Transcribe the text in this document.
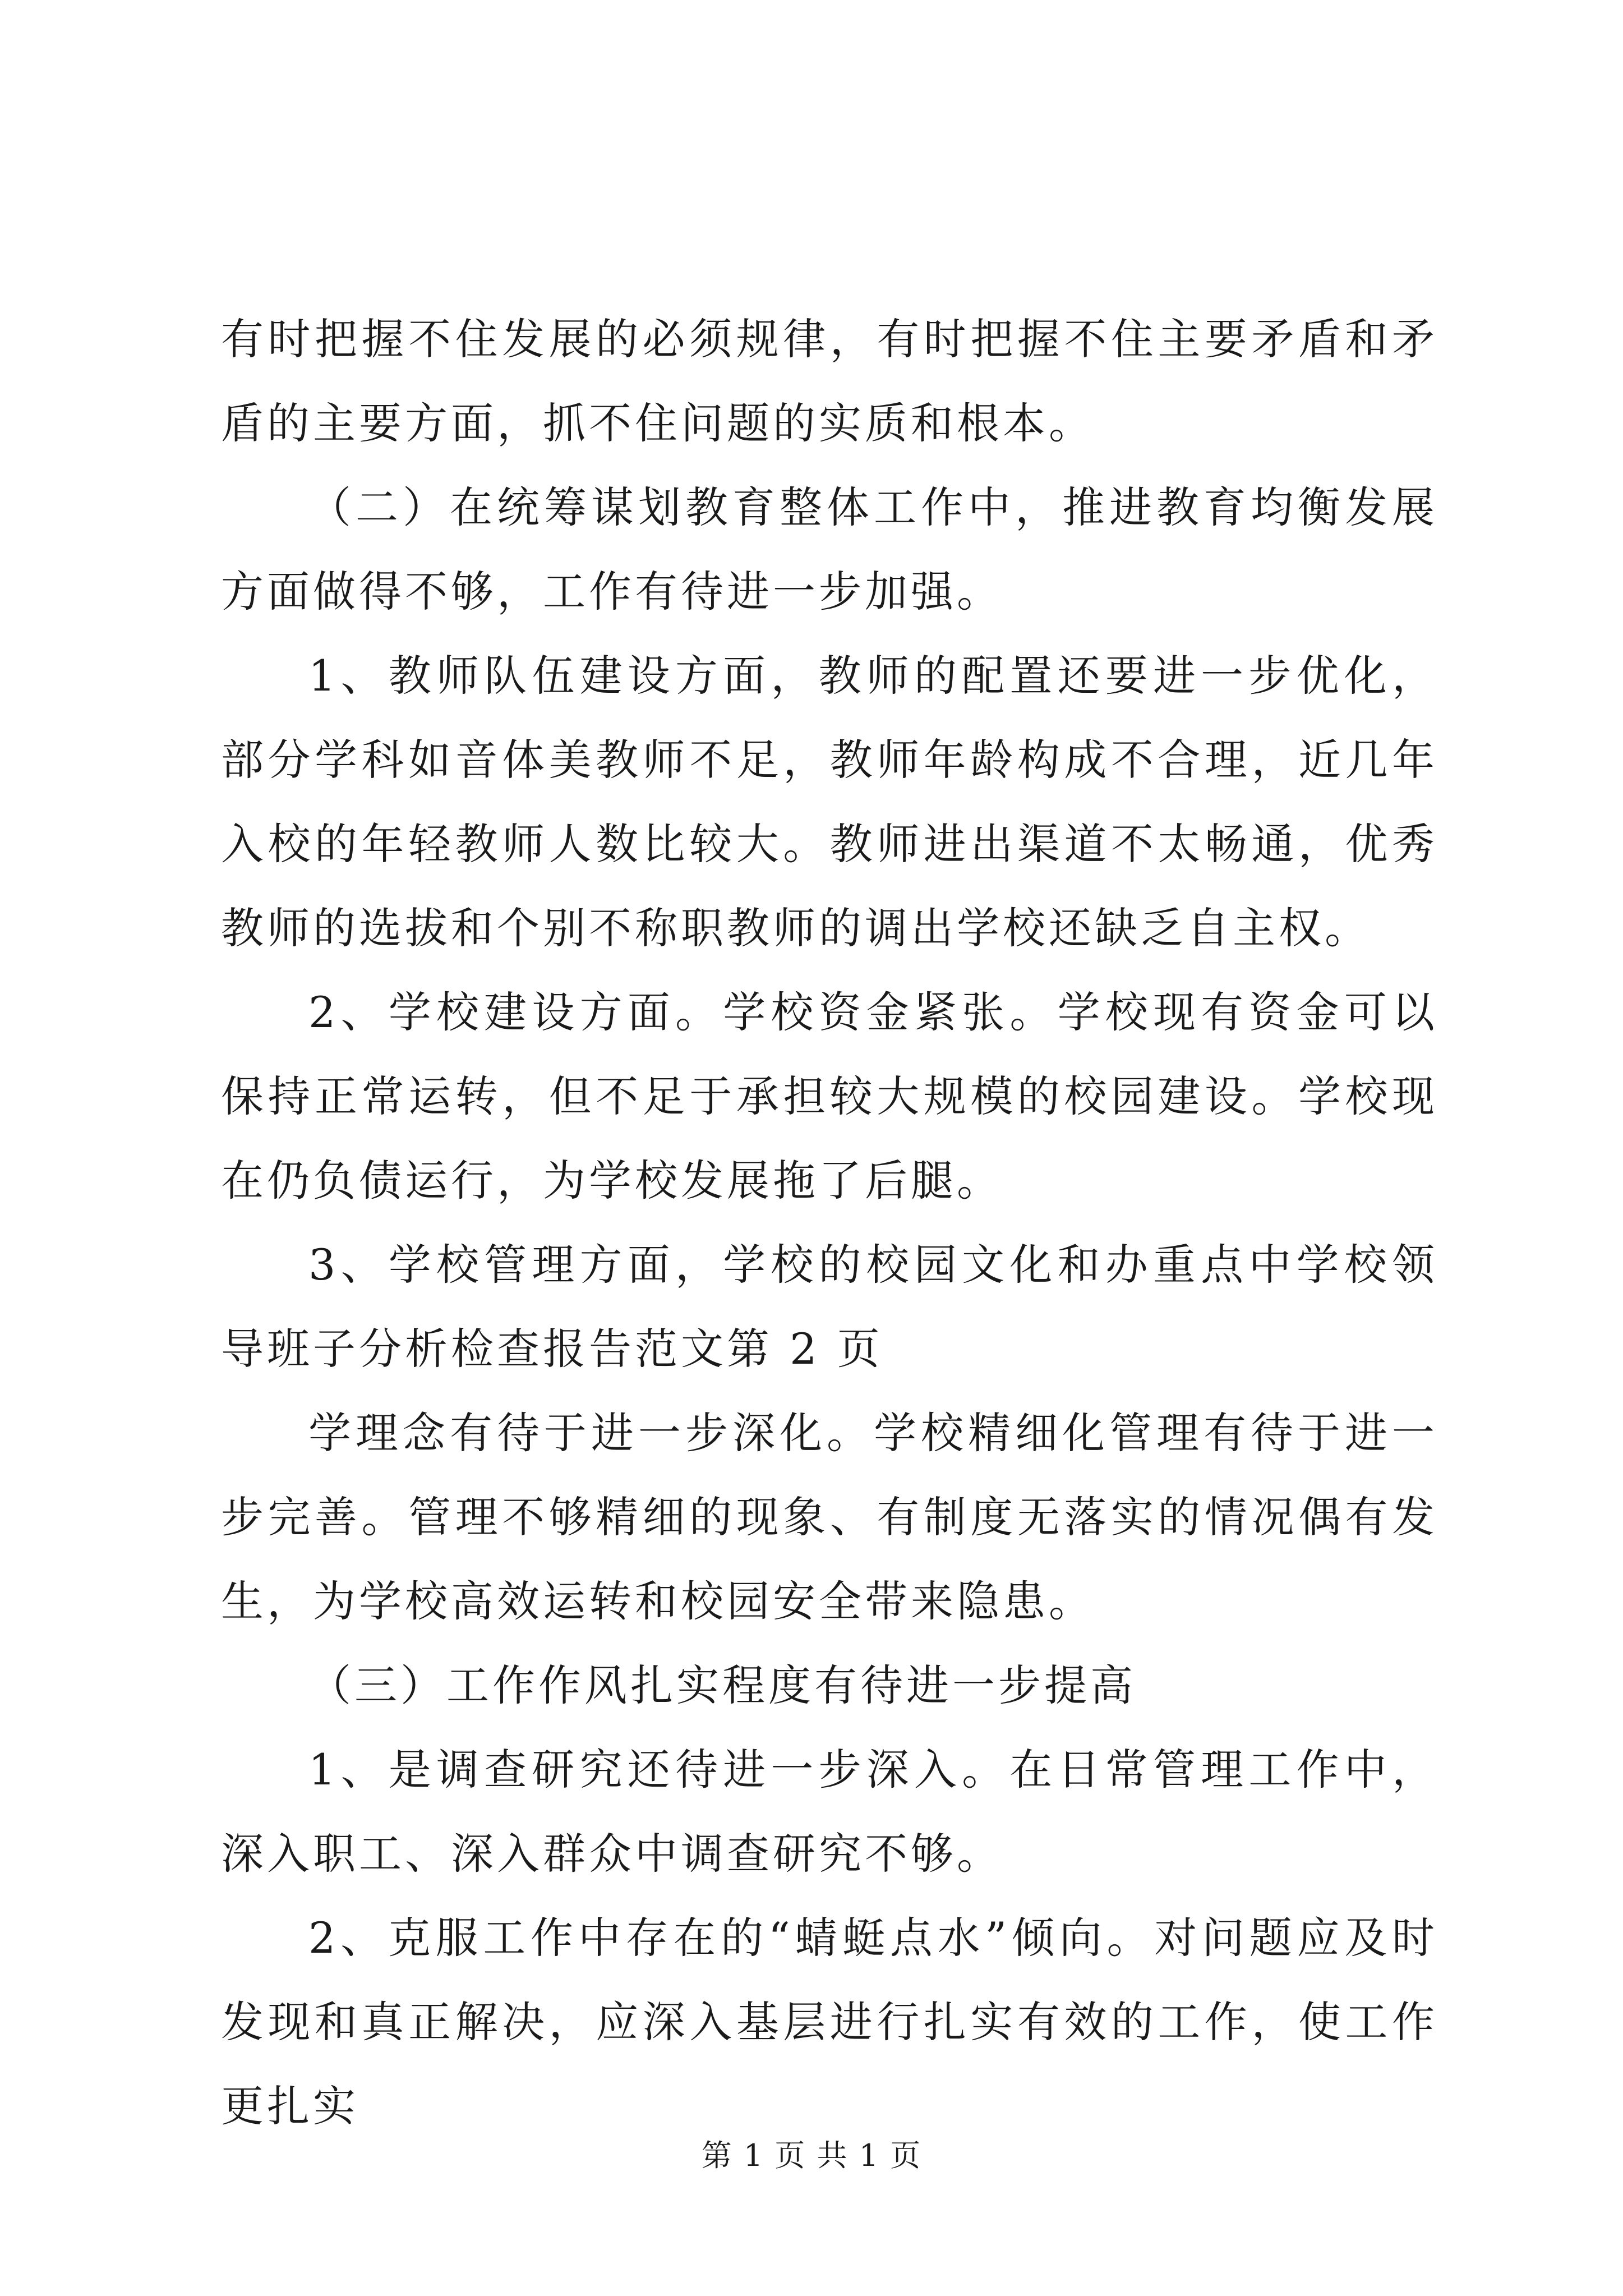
有时把握不住发展的必须规律，有时把握不住主要矛盾和矛盾的主要方面，抓不住问题的实质和根本。

（二）在统筹谋划教育整体工作中，推进教育均衡发展方面做得不够，工作有待进一步加强。

1、教师队伍建设方面，教师的配置还要进一步优化，部分学科如音体美教师不足，教师年龄构成不合理，近几年入校的年轻教师人数比较大。教师进出渠道不太畅通，优秀教师的选拔和个别不称职教师的调出学校还缺乏自主权。

2、学校建设方面。学校资金紧张。学校现有资金可以保持正常运转，但不足于承担较大规模的校园建设。学校现在仍负债运行，为学校发展拖了后腿。

3、学校管理方面，学校的校园文化和办重点中学校领导班子分析检查报告范文第 2 页

学理念有待于进一步深化。学校精细化管理有待于进一步完善。管理不够精细的现象、有制度无落实的情况偶有发生，为学校高效运转和校园安全带来隐患。

（三）工作作风扎实程度有待进一步提高

1、是调查研究还待进一步深入。在日常管理工作中，深入职工、深入群众中调查研究不够。

2、克服工作中存在的“蜻蜓点水”倾向。对问题应及时发现和真正解决，应深入基层进行扎实有效的工作，使工作更扎实

第 1 页 共 1 页
